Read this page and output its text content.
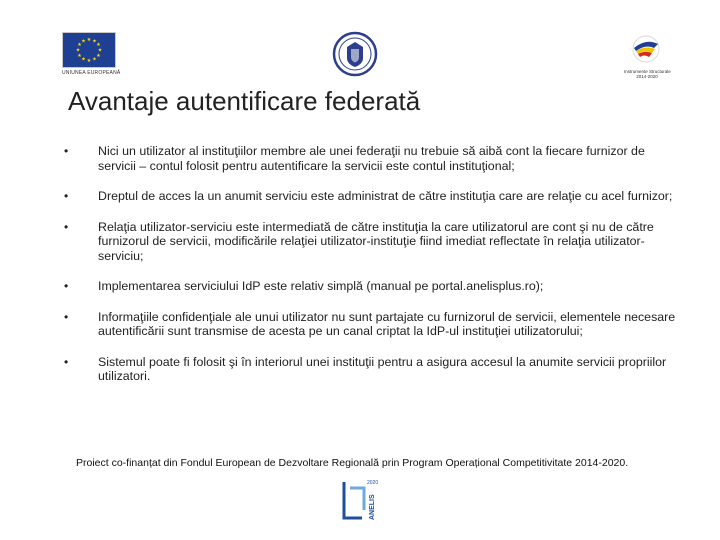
★ ★
★
★
★
★
★
★
★
★
★
★
UNIUNEA EUROPEANĂ	Instrumente Structurale
2014-2020
Avantaje autentificare federată
• Nici un utilizator al instituţiilor membre ale unei federaţii nu trebuie să aibă cont la fiecare furnizor de servicii – contul folosit pentru autentificare la servicii este contul instituţional;
• Dreptul de acces la un anumit serviciu este administrat de către instituţia care are relaţie cu acel furnizor;
• Relaţia utilizator-serviciu este intermediată de către instituţia la care utilizatorul are cont şi nu de către furnizorul de servicii, modificările relaţiei utilizator-instituţie fiind imediat reflectate în relaţia utilizator-serviciu;
• Implementarea serviciului IdP este relativ simplă (manual pe portal.anelisplus.ro);
• Informaţiile confidenţiale ale unui utilizator nu sunt partajate cu furnizorul de servicii, elementele necesare autentificării sunt transmise de acesta pe un canal criptat la IdP-ul instituţiei utilizatorului;
• Sistemul poate fi folosit şi în interiorul unei instituţii pentru a asigura accesul la anumite servicii propriilor utilizatori.
Proiect co-finanțat din Fondul European de Dezvoltare Regională prin Program Operațional Competitivitate 2014-2020.
2020
ANELIS
